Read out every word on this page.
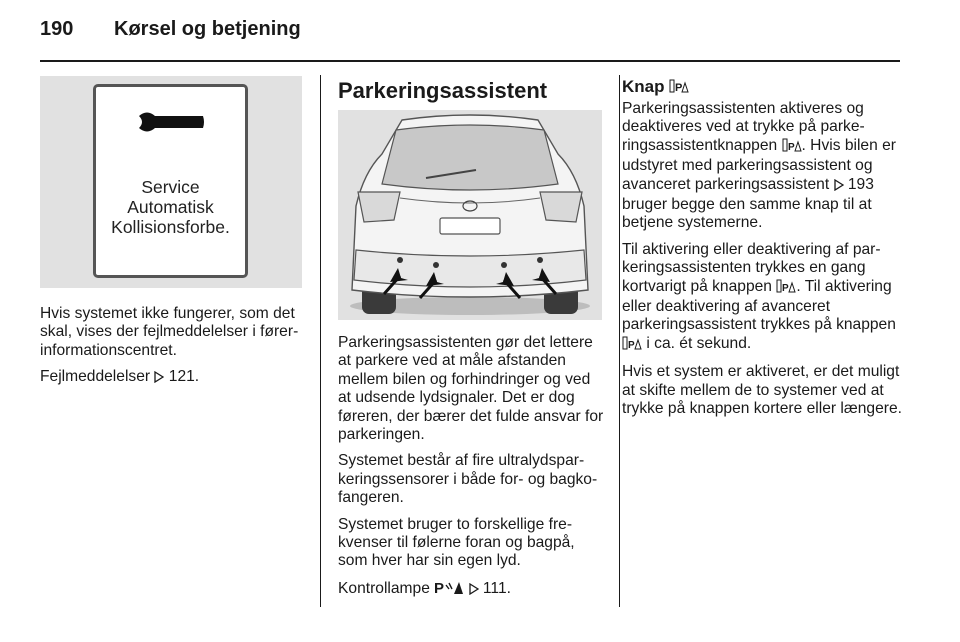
190 Kørsel og betjening
Service
Automatisk
Kollisionsforbe.

Hvis systemet ikke fungerer, som det skal, vises der fejlmeddelelser i førerinformationscentret.

Fejlmeddelelser 121.

Parkeringsassistent

Parkeringsassistenten gør det lettere at parkere ved at måle afstanden mellem bilen og forhindringer og ved at udsende lydsignaler. Det er dog føreren, der bærer det fulde ansvar for parkeringen.

Systemet består af fire ultralydsparkeringssensorer i både for- og bagkofangeren.

Systemet bruger to forskellige frekvenser til følerne foran og bagpå, som hver har sin egen lyd.

Kontrollampe P 111.

Knap P

Parkeringsassistenten aktiveres og deaktiveres ved at trykke på parkeringsassistentknappen P . Hvis bilen er udstyret med parkeringsassistent og avanceret parkeringsassistent 193 bruger begge den samme knap til at betjene systemerne.

Til aktivering eller deaktivering af parkeringsassistenten trykkes en gang kortvarigt på knappen P . Til aktivering eller deaktivering af avanceret parkeringsassistent trykkes på knappen
P i ca. ét sekund.

Hvis et system er aktiveret, er det muligt at skifte mellem de to systemer ved at trykke på knappen kortere eller længere.
